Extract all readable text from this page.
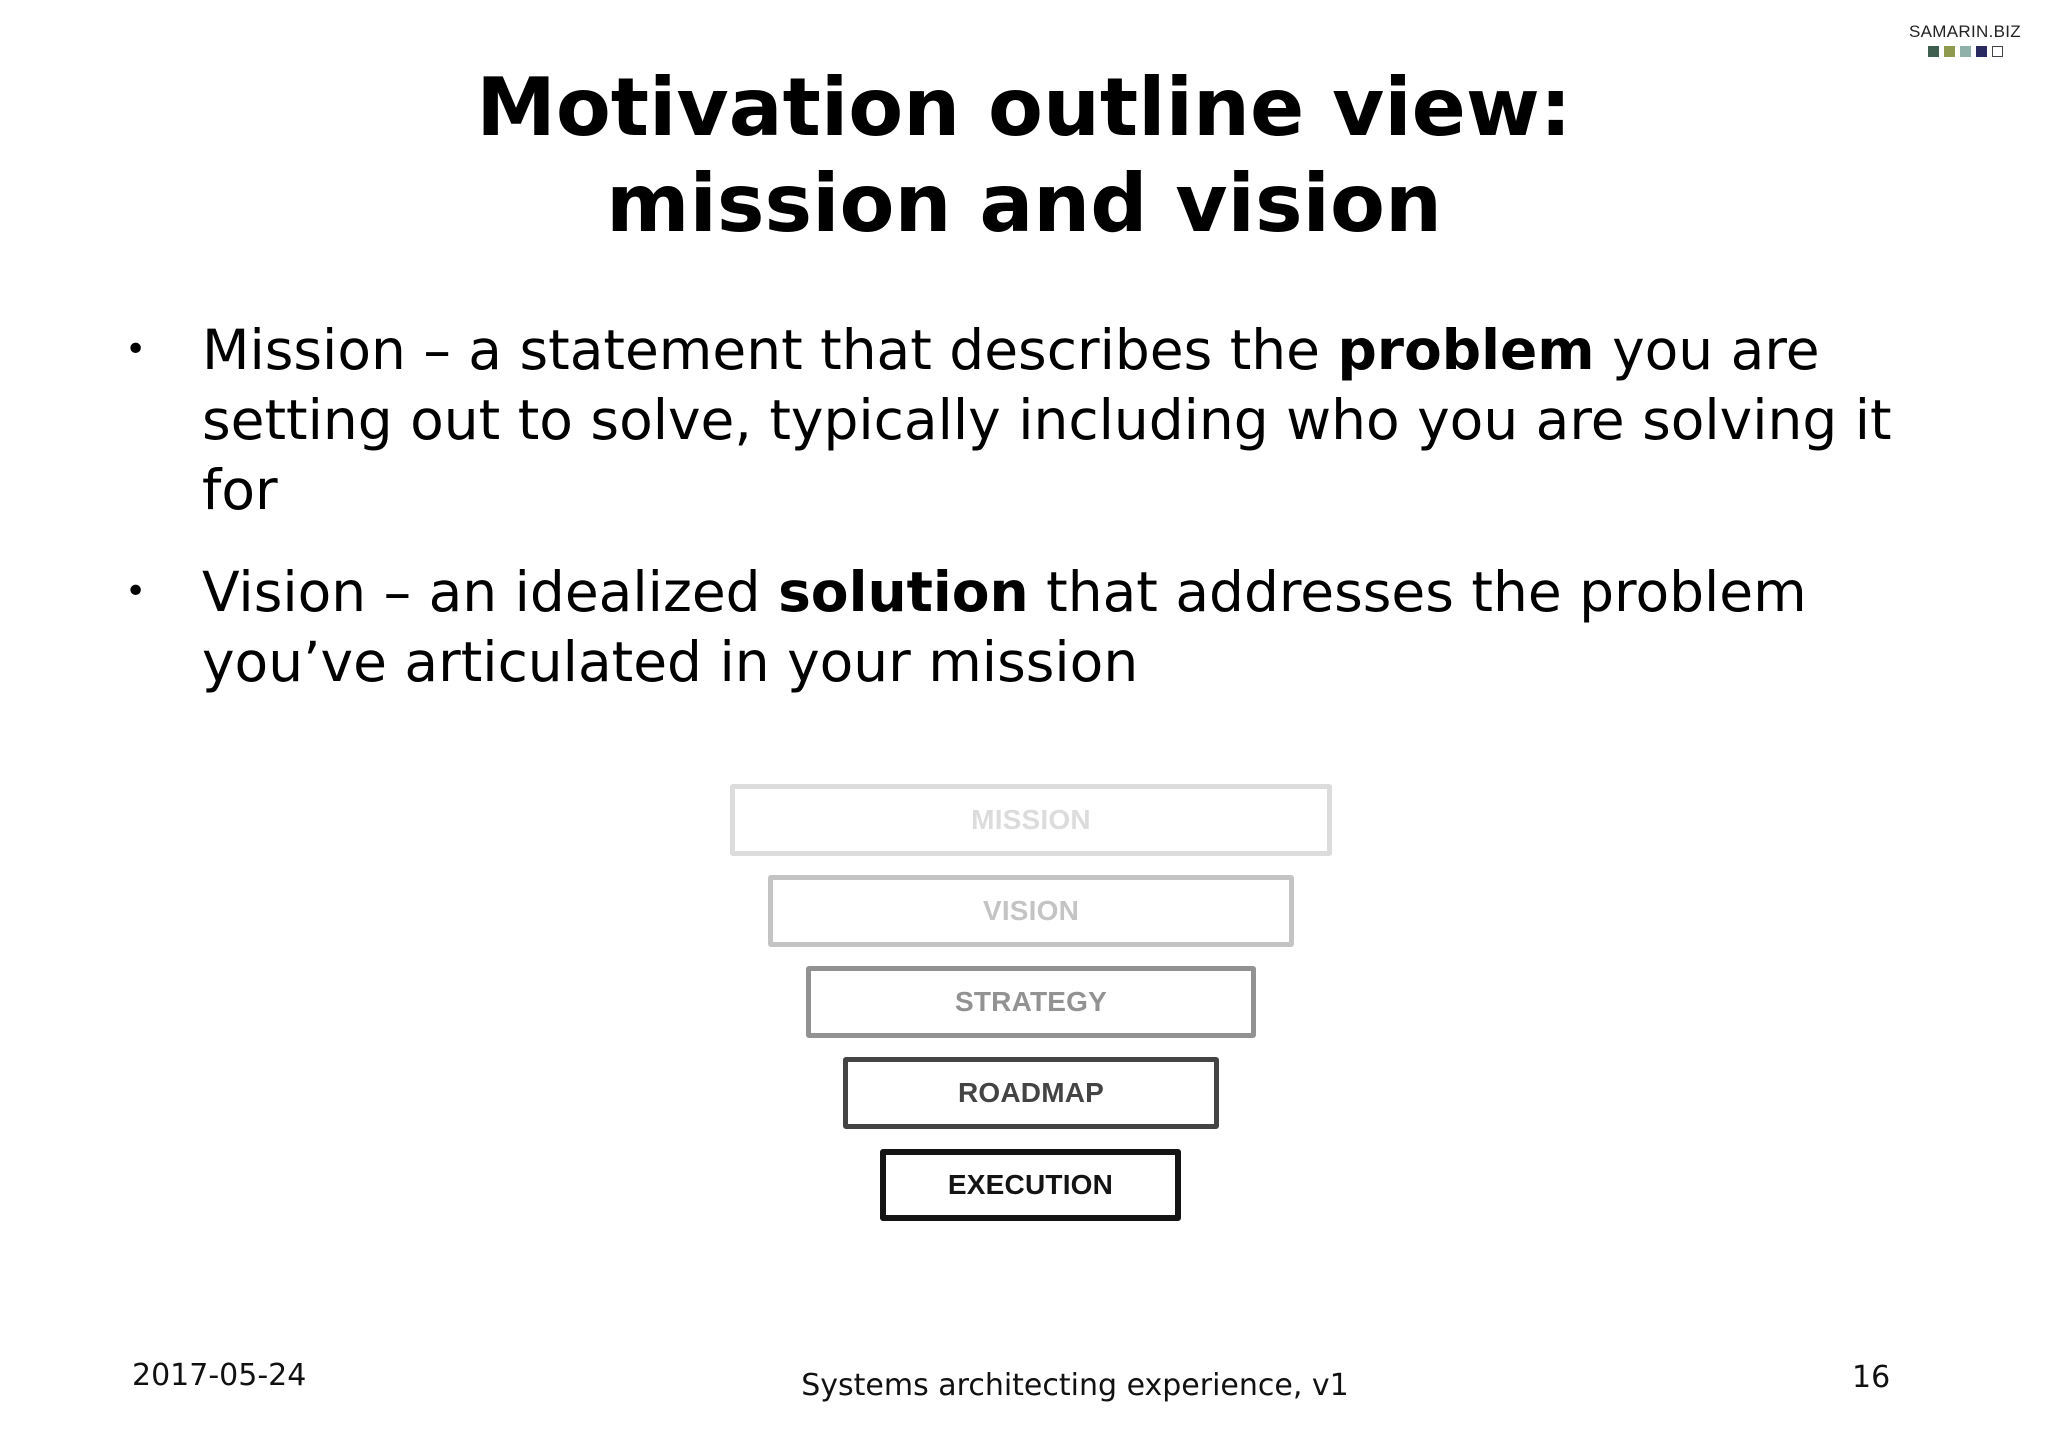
SAMARIN.BIZ
Motivation outline view:
mission and vision
• Mission – a statement that describes the problem you are setting out to solve, typically including who you are solving it for
• Vision – an idealized solution that addresses the problem you’ve articulated in your mission
MISSION
VISION
STRATEGY
ROADMAP
EXECUTION
2017-05-24	Systems architecting experience, v1	16
